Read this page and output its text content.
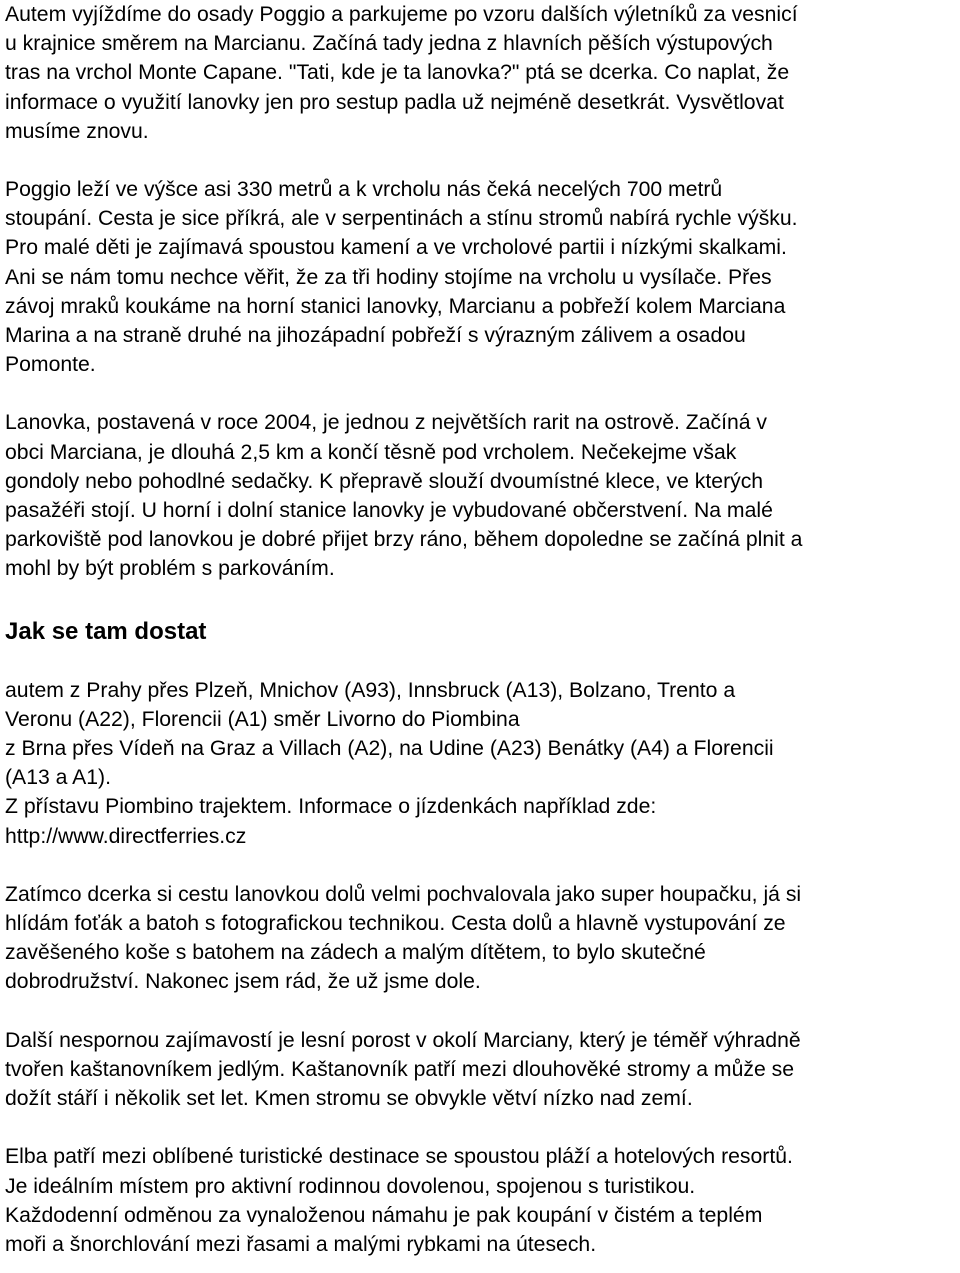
Autem vyjíždíme do osady Poggio a parkujeme po vzoru dalších výletníků za vesnicí
u krajnice směrem na Marcianu. Začíná tady jedna z hlavních pěších výstupových
tras na vrchol Monte Capane. "Tati, kde je ta lanovka?" ptá se dcerka. Co naplat, že
informace o využití lanovky jen pro sestup padla už nejméně desetkrát. Vysvětlovat
musíme znovu.

Poggio leží ve výšce asi 330 metrů a k vrcholu nás čeká necelých 700 metrů
stoupání. Cesta je sice příkrá, ale v serpentinách a stínu stromů nabírá rychle výšku.
Pro malé děti je zajímavá spoustou kamení a ve vrcholové partii i nízkými skalkami.
Ani se nám tomu nechce věřit, že za tři hodiny stojíme na vrcholu u vysílače. Přes
závoj mraků koukáme na horní stanici lanovky, Marcianu a pobřeží kolem Marciana
Marina a na straně druhé na jihozápadní pobřeží s výrazným zálivem a osadou
Pomonte.

Lanovka, postavená v roce 2004, je jednou z největších rarit na ostrově. Začíná v
obci Marciana, je dlouhá 2,5 km a končí těsně pod vrcholem. Nečekejme však
gondoly nebo pohodlné sedačky. K přepravě slouží dvoumístné klece, ve kterých
pasažéři stojí. U horní i dolní stanice lanovky je vybudované občerstvení. Na malé
parkoviště pod lanovkou je dobré přijet brzy ráno, během dopoledne se začíná plnit a
mohl by být problém s parkováním.

Jak se tam dostat

autem z Prahy přes Plzeň, Mnichov (A93), Innsbruck (A13), Bolzano, Trento a
Veronu (A22), Florencii (A1) směr Livorno do Piombina
z Brna přes Vídeň na Graz a Villach (A2), na Udine (A23) Benátky (A4) a Florencii
(A13 a A1).
Z přístavu Piombino trajektem. Informace o jízdenkách například zde:
http://www.directferries.cz

Zatímco dcerka si cestu lanovkou dolů velmi pochvalovala jako super houpačku, já si
hlídám foťák a batoh s fotografickou technikou. Cesta dolů a hlavně vystupování ze
zavěšeného koše s batohem na zádech a malým dítětem, to bylo skutečné
dobrodružství. Nakonec jsem rád, že už jsme dole.

Další nespornou zajímavostí je lesní porost v okolí Marciany, který je téměř výhradně
tvořen kaštanovníkem jedlým. Kaštanovník patří mezi dlouhověké stromy a může se
dožít stáří i několik set let. Kmen stromu se obvykle větví nízko nad zemí.

Elba patří mezi oblíbené turistické destinace se spoustou pláží a hotelových resortů.
Je ideálním místem pro aktivní rodinnou dovolenou, spojenou s turistikou.
Každodenní odměnou za vynaloženou námahu je pak koupání v čistém a teplém
moři a šnorchlování mezi řasami a malými rybkami na útesech.
